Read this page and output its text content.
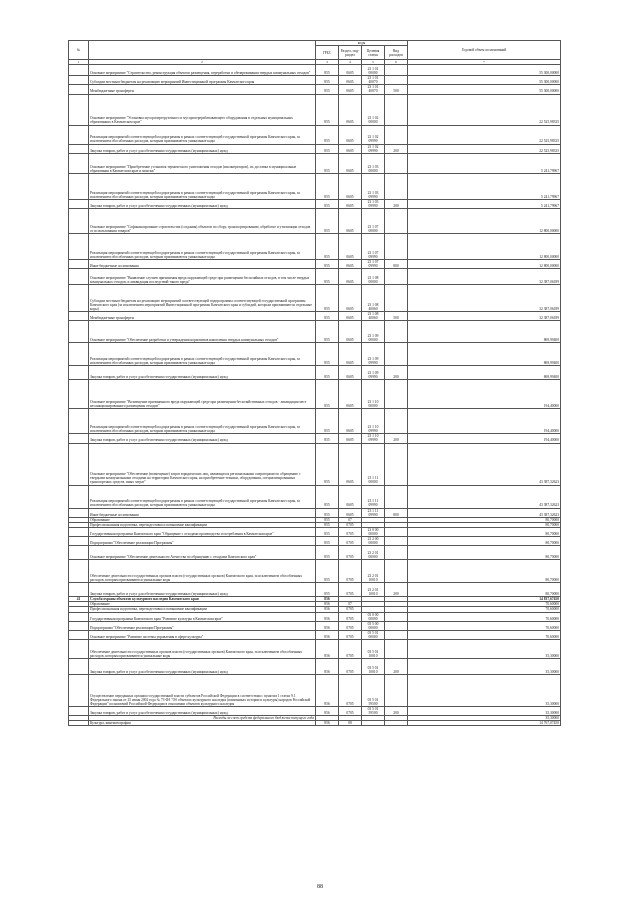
№		коды				Годовой объем ассигнований
		ГРБС	Раздел, под-раздел	Целевая статья	Вид расходов	
1	2	3	4	5	6	7
	Основное мероприятие "Строительство, реконструкция объектов размещения, переработки и обезвреживания твердых коммунальных отходов"	855	0605	23 1 01 00000		55 300,00000
	Субсидии местным бюджетам на реализацию мероприятий Инвестиционной программы Камчатского края	855	0605	23 1 01 40070		55 300,00000
	Межбюджетные трансферты	855	0605	23 1 01 40070	500	55 300,00000
	Основное мероприятие "Установка мусороперегрузочного и мусороперерабатывающего оборудования в отдельных муниципальных образованиях в Камчатском крае"	855	0605	23 1 02 00000		22 525,98335
	Реализация мероприятий соответствующей подпрограммы в рамках соответствующей государственной программы Камчатского края, за исключением обособленных расходов, которым присваиваются уникальные коды	855	0605	23 1 02 09990		22 525,98335
	Закупка товаров, работ и услуг для обеспечения государственных (муниципальных) нужд	855	0605	23 1 02 09990	200	22 525,98335
	Основное мероприятие "Приобретение установок термического уничтожения отходов (инсинераторов), их доставка в муниципальные образования в Камчатском крае и монтаж"	855	0605	23 1 03 00000		5 241,79967
	Реализация мероприятий соответствующей подпрограммы в рамках соответствующей государственной программы Камчатского края, за исключением обособленных расходов, которым присваиваются уникальные коды	855	0605	23 1 03 09990		5 241,79967
	Закупка товаров, работ и услуг для обеспечения государственных (муниципальных) нужд	855	0605	23 1 03 09990	200	5 241,79967
	Основное мероприятие "Софинансирование строительства (создания) объектов по сбору, транспортированию, обработке и утилизации отходов от использования товаров"	855	0605	23 1 07 00000		12 800,00000
	Реализация мероприятий соответствующей подпрограммы в рамках соответствующей государственной программы Камчатского края, за исключением обособленных расходов, которым присваиваются уникальные коды	855	0605	23 1 07 09990		12 800,00000
	Иные бюджетные ассигнования	855	0605	23 1 07 09990	800	12 800,00000
	Основное мероприятие "Выявление случаев причинения вреда окружающей среде при размещении бесхозяйных отходов, в том числе твердых коммунальных отходов, и ликвидация последствий такого вреда"	855	0605	23 1 08 00000		32 387,06189
	Субсидии местным бюджетам на реализацию мероприятий соответствующей подпрограммы соответствующей государственной программы Камчатского края (за исключением мероприятий Инвестиционной программы Камчатского края и субсидий, которым присваиваются отдельные коды)	855	0605	23 1 08 40060		32 387,06189
	Межбюджетные трансферты	855	0605	23 1 08 40060	500	32 387,06189
	Основное мероприятие "Обеспечение разработки и утверждения нормативов накопления твердых коммунальных отходов"	855	0605	23 1 09 00000		869,99400
	Реализация мероприятий соответствующей подпрограммы в рамках соответствующей государственной программы Камчатского края, за исключением обособленных расходов, которым присваиваются уникальные коды	855	0605	23 1 09 09990		869,99400
	Закупка товаров, работ и услуг для обеспечения государственных (муниципальных) нужд	855	0605	23 1 09 09990	200	869,99400
	Основное мероприятие "Возмещение причиненного вреда окружающей среде при размещении бесхозяйственных отходов - ликвидация мест несанкционированного размещения отходов"	855	0605	23 1 10 00000		194,40000
	Реализация мероприятий соответствующей подпрограммы в рамках соответствующей государственной программы Камчатского края, за исключением обособленных расходов, которым присваиваются уникальные коды	855	0605	23 1 10 09990		194,40000
	Закупка товаров, работ и услуг для обеспечения государственных (муниципальных) нужд	855	0605	23 1 10 09990	200	194,40000
	Основное мероприятие "Обеспечение (возмещение) затрат юридических лиц, являющихся региональными операторами по обращению с твердыми коммунальными отходами на территории Камчатского края, на приобретение техники, оборудования, специализированных транспортных средств, иных затрат"	855	0605	23 1 11 00000		43 387,32623
	Реализация мероприятий соответствующей подпрограммы в рамках соответствующей государственной программы Камчатского края, за исключением обособленных расходов, которым присваиваются уникальные коды	855	0605	23 1 11 09990		43 387,32623
	Иные бюджетные ассигнования	855	0605	23 1 11 09990	800	43 387,32623
	Образование	855	07			80,70000
	Профессиональная подготовка, переподготовка и повышение квалификации	855	0705			80,70000
	Государственная программа Камчатского края "Обращение с отходами производства и потребления в Камчатском крае"	855	0705	23 0 00 00000		80,70000
	Подпрограмма "Обеспечение реализации Программы"	855	0705	23 2 00 00000		80,70000
	Основное мероприятие "Обеспечение деятельности Агентства по обращению с отходами Камчатского края"	855	0705	23 2 01 00000		80,70000
	Обеспечение деятельности государственных органов власти (государственных органов) Камчатского края, за исключением обособленных расходов, которым присваиваются уникальные коды	855	0705	23 2 01 10010		80,70000
	Закупка товаров, работ и услуг для обеспечения государственных (муниципальных) нужд	855	0705	23 2 01 10010	200	80,70000
41	Служба охраны объектов культурного наследия Камчатского края	856				14 837,67450
	Образование	856	07			70,60000
	Профессиональная подготовка, переподготовка и повышение квалификации	856	0705			70,60000
	Государственная программа Камчатского края "Развитие культуры в Камчатском крае"	856	0705	03 0 00 00000		70,60000
	Подпрограмма "Обеспечение реализации Программы"	856	0705	03 5 00 00000		70,60000
	Основное мероприятие "Развитие системы управления в сфере культуры"	856	0705	03 5 01 00000		70,60000
	Обеспечение деятельности государственных органов власти (государственных органов) Камчатского края, за исключением обособленных расходов, которым присваиваются уникальные коды	856	0705	03 5 01 10010		35,30000
	Закупка товаров, работ и услуг для обеспечения государственных (муниципальных) нужд	856	0705	03 5 01 10010	200	35,30000
	Осуществление переданных органам государственной власти субъектов Российской Федерации в соответствии с пунктом 1 статьи 9.1 Федерального закона от 25 июня 2002 года № 73-ФЗ "Об объектах культурного наследия (памятниках истории и культуры) народов Российской Федерации" полномочий Российской Федерации в отношении объектов культурного наследия	856	0705	03 5 01 59500		35,30000
	Закупка товаров, работ и услуг для обеспечения государственных (муниципальных) нужд	856	0705	03 5 01 59500	200	35,30000
	Расходы за счет средств федерального бюджета текущего года					35,30000
	Культура, кинематография	856	08			14 767,07450
88
